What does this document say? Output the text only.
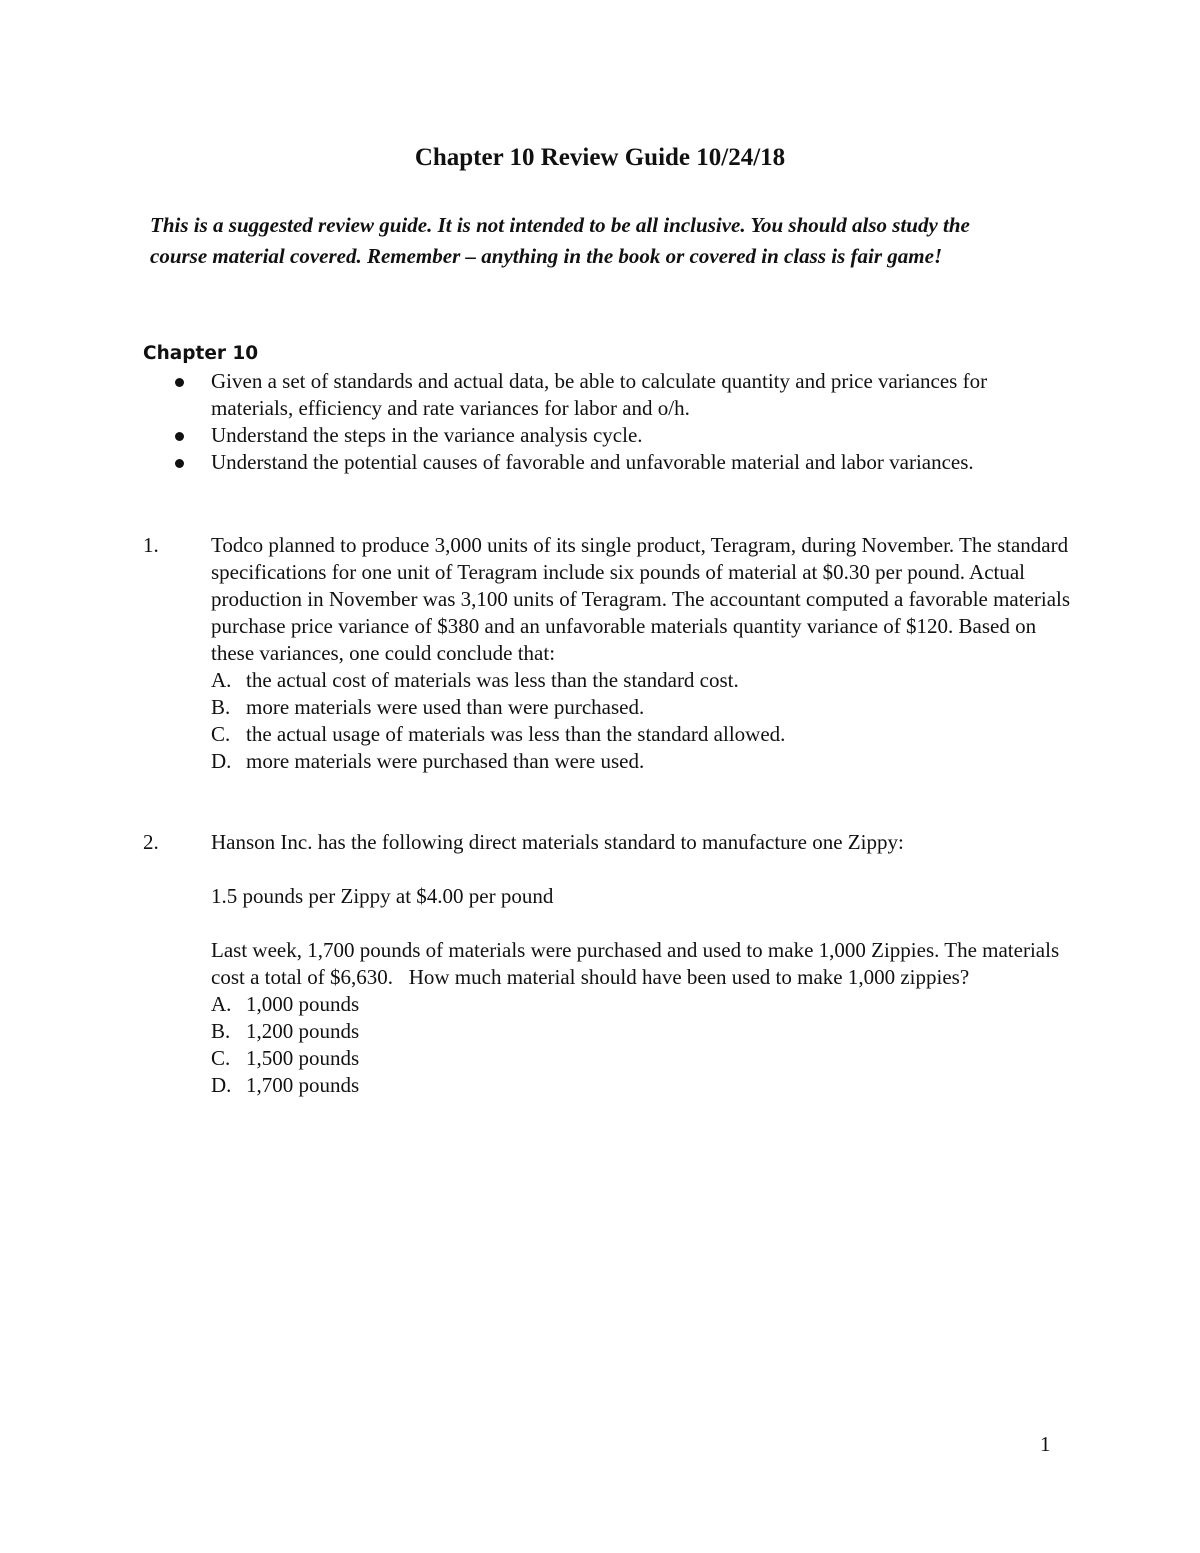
Chapter 10 Review Guide 10/24/18
This is a suggested review guide. It is not intended to be all inclusive. You should also study the course material covered. Remember – anything in the book or covered in class is fair game!
Chapter 10
Given a set of standards and actual data, be able to calculate quantity and price variances for materials, efficiency and rate variances for labor and o/h.
Understand the steps in the variance analysis cycle.
Understand the potential causes of favorable and unfavorable material and labor variances.
1. Todco planned to produce 3,000 units of its single product, Teragram, during November. The standard specifications for one unit of Teragram include six pounds of material at $0.30 per pound. Actual production in November was 3,100 units of Teragram. The accountant computed a favorable materials purchase price variance of $380 and an unfavorable materials quantity variance of $120. Based on these variances, one could conclude that:

A. the actual cost of materials was less than the standard cost.
B. more materials were used than were purchased.
C. the actual usage of materials was less than the standard allowed.
D. more materials were purchased than were used.
2. Hanson Inc. has the following direct materials standard to manufacture one Zippy:

1.5 pounds per Zippy at $4.00 per pound

Last week, 1,700 pounds of materials were purchased and used to make 1,000 Zippies. The materials cost a total of $6,630.   How much material should have been used to make 1,000 zippies?

A. 1,000 pounds
B. 1,200 pounds
C. 1,500 pounds
D. 1,700 pounds
1
